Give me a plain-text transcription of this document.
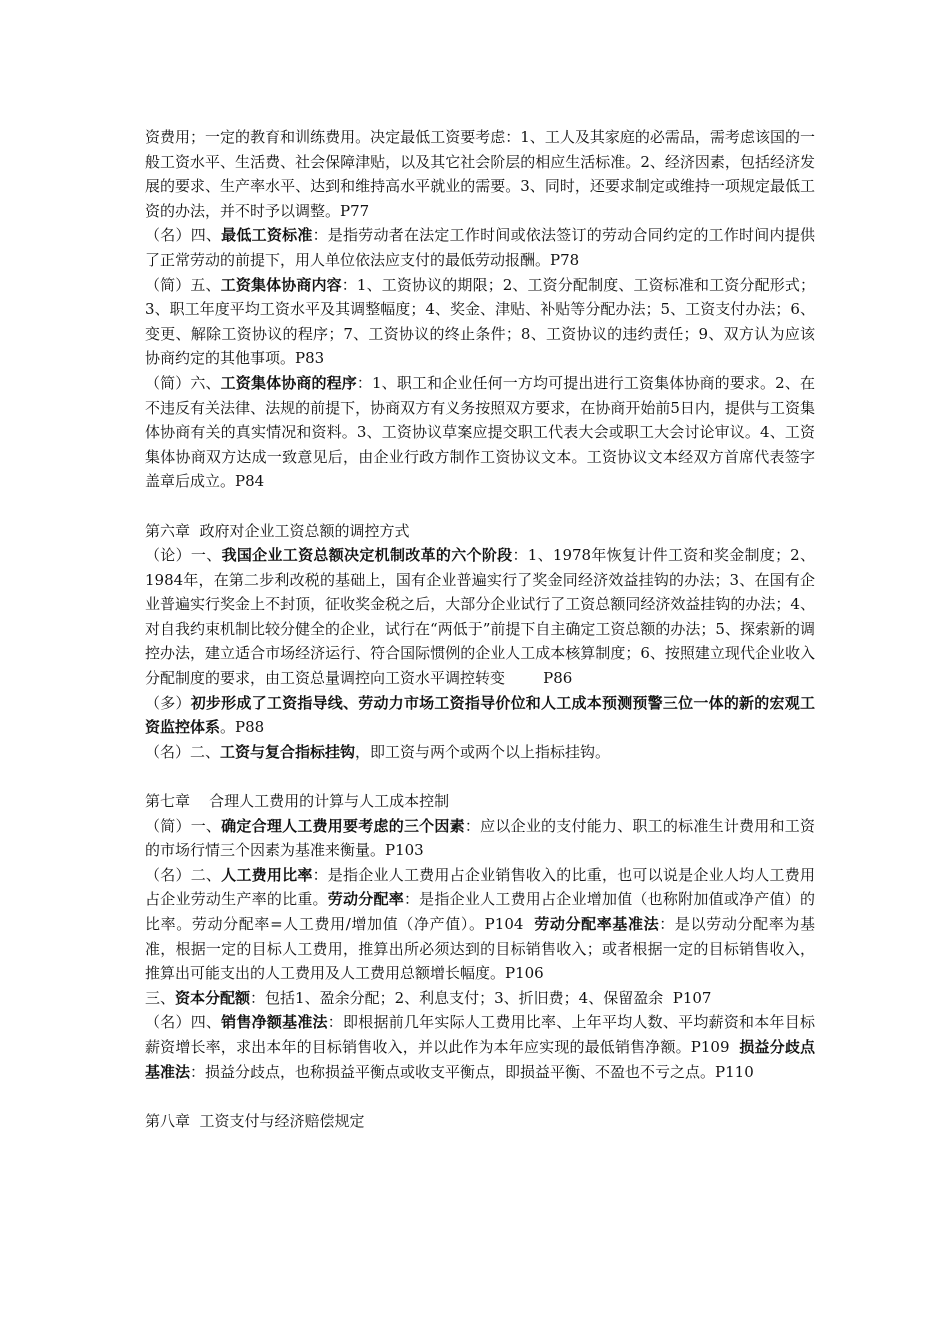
资费用；一定的教育和训练费用。决定最低工资要考虑：1、工人及其家庭的必需品，需考虑该国的一般工资水平、生活费、社会保障津贴，以及其它社会阶层的相应生活标准。2、经济因素，包括经济发展的要求、生产率水平、达到和维持高水平就业的需要。3、同时，还要求制定或维持一项规定最低工资的办法，并不时予以调整。P77

（名）四、最低工资标准：是指劳动者在法定工作时间或依法签订的劳动合同约定的工作时间内提供了正常劳动的前提下，用人单位依法应支付的最低劳动报酬。P78

（简）五、工资集体协商内容：1、工资协议的期限；2、工资分配制度、工资标准和工资分配形式；3、职工年度平均工资水平及其调整幅度；4、奖金、津贴、补贴等分配办法；5、工资支付办法；6、变更、解除工资协议的程序；7、工资协议的终止条件；8、工资协议的违约责任；9、双方认为应该协商约定的其他事项。P83

（简）六、工资集体协商的程序：1、职工和企业任何一方均可提出进行工资集体协商的要求。2、在不违反有关法律、法规的前提下，协商双方有义务按照双方要求，在协商开始前5日内，提供与工资集体协商有关的真实情况和资料。3、工资协议草案应提交职工代表大会或职工大会讨论审议。4、工资集体协商双方达成一致意见后，由企业行政方制作工资协议文本。工资协议文本经双方首席代表签字盖章后成立。P84

第六章  政府对企业工资总额的调控方式

（论）一、我国企业工资总额决定机制改革的六个阶段：1、1978年恢复计件工资和奖金制度；2、1984年，在第二步利改税的基础上，国有企业普遍实行了奖金同经济效益挂钩的办法；3、在国有企业普遍实行奖金上不封顶，征收奖金税之后，大部分企业试行了工资总额同经济效益挂钩的办法；4、对自我约束机制比较分健全的企业，试行在“两低于”前提下自主确定工资总额的办法；5、探索新的调控办法，建立适合市场经济运行、符合国际惯例的企业人工成本核算制度；6、按照建立现代企业收入分配制度的要求，由工资总量调控向工资水平调控转变        P86

（多）初步形成了工资指导线、劳动力市场工资指导价位和人工成本预测预警三位一体的新的宏观工资监控体系。P88

（名）二、工资与复合指标挂钩，即工资与两个或两个以上指标挂钩。

第七章    合理人工费用的计算与人工成本控制

（简）一、确定合理人工费用要考虑的三个因素：应以企业的支付能力、职工的标准生计费用和工资的市场行情三个因素为基准来衡量。P103

（名）二、人工费用比率：是指企业人工费用占企业销售收入的比重，也可以说是企业人均人工费用占企业劳动生产率的比重。劳动分配率：是指企业人工费用占企业增加值（也称附加值或净产值）的比率。劳动分配率=人工费用/增加值（净产值）。P104  劳动分配率基准法：是以劳动分配率为基准，根据一定的目标人工费用，推算出所必须达到的目标销售收入；或者根据一定的目标销售收入，推算出可能支出的人工费用及人工费用总额增长幅度。P106

三、资本分配额：包括1、盈余分配；2、利息支付；3、折旧费；4、保留盈余  P107

（名）四、销售净额基准法：即根据前几年实际人工费用比率、上年平均人数、平均薪资和本年目标薪资增长率，求出本年的目标销售收入，并以此作为本年应实现的最低销售净额。P109  损益分歧点基准法：损益分歧点，也称损益平衡点或收支平衡点，即损益平衡、不盈也不亏之点。P110

第八章  工资支付与经济赔偿规定
